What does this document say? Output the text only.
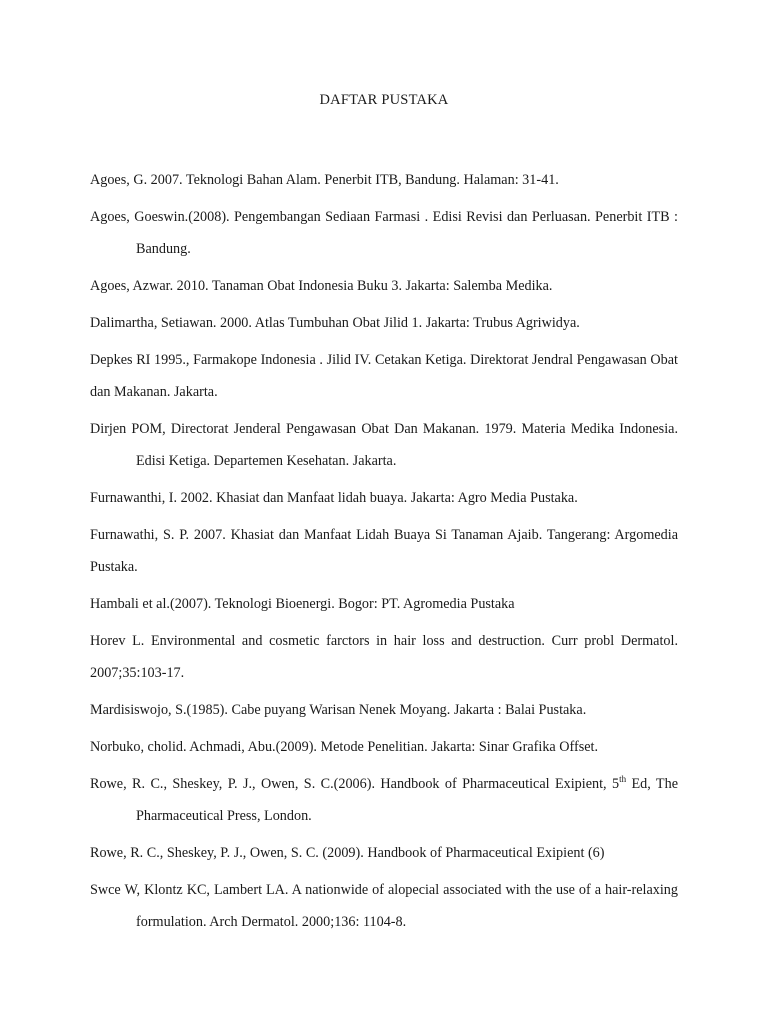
DAFTAR PUSTAKA

Agoes, G. 2007. Teknologi Bahan Alam. Penerbit ITB, Bandung. Halaman: 31-41.

Agoes, Goeswin.(2008). Pengembangan Sediaan Farmasi . Edisi Revisi dan Perluasan. Penerbit ITB : Bandung.

Agoes, Azwar. 2010. Tanaman Obat Indonesia Buku 3. Jakarta: Salemba Medika.

Dalimartha, Setiawan. 2000. Atlas Tumbuhan Obat Jilid 1. Jakarta: Trubus Agriwidya.

Depkes RI 1995., Farmakope Indonesia . Jilid IV. Cetakan Ketiga. Direktorat Jendral Pengawasan Obat dan Makanan. Jakarta.

Dirjen POM, Directorat Jenderal Pengawasan Obat Dan Makanan. 1979. Materia Medika Indonesia. Edisi Ketiga. Departemen Kesehatan. Jakarta.

Furnawanthi, I. 2002. Khasiat dan Manfaat lidah buaya. Jakarta: Agro Media Pustaka.

Furnawathi, S. P. 2007. Khasiat dan Manfaat Lidah Buaya Si Tanaman Ajaib. Tangerang: Argomedia Pustaka.

Hambali et al.(2007). Teknologi Bioenergi. Bogor: PT. Agromedia Pustaka

Horev L. Environmental and cosmetic farctors in hair loss and destruction. Curr probl Dermatol. 2007;35:103-17.

Mardisiswojo, S.(1985). Cabe puyang Warisan Nenek Moyang. Jakarta : Balai Pustaka.

Norbuko, cholid. Achmadi, Abu.(2009). Metode Penelitian. Jakarta: Sinar Grafika Offset.

Rowe, R. C., Sheskey, P. J., Owen, S. C.(2006). Handbook of Pharmaceutical Exipient, 5th Ed, The Pharmaceutical Press, London.

Rowe, R. C., Sheskey, P. J., Owen, S. C. (2009). Handbook of Pharmaceutical Exipient (6)

Swce W, Klontz KC, Lambert LA. A nationwide of alopecial associated with the use of a hair-relaxing formulation. Arch Dermatol. 2000;136: 1104-8.
